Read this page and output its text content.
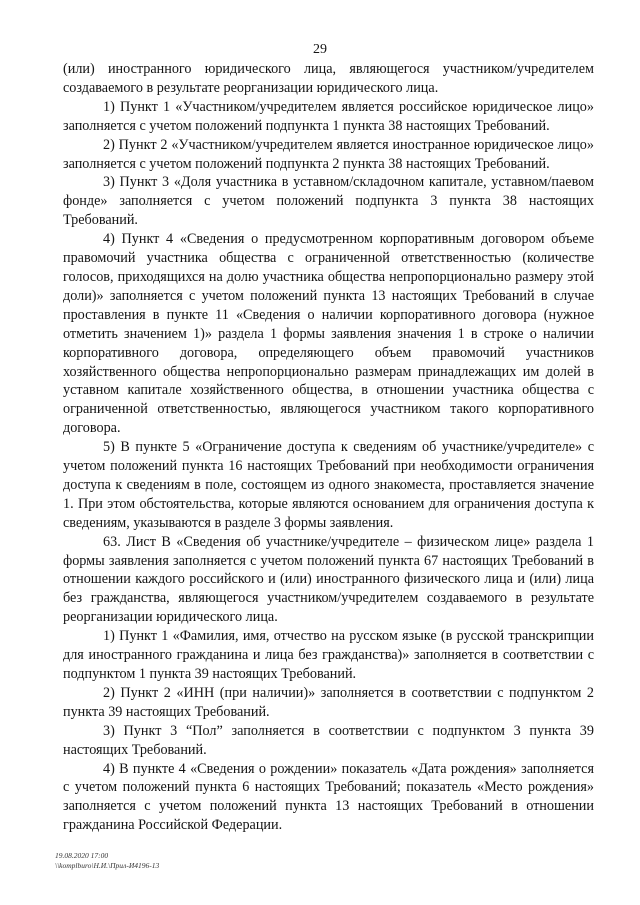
29

(или) иностранного юридического лица, являющегося участником/учредителем создаваемого в результате реорганизации юридического лица.

1) Пункт 1 «Участником/учредителем является российское юридическое лицо» заполняется с учетом положений подпункта 1 пункта 38 настоящих Требований.

2) Пункт 2 «Участником/учредителем является иностранное юридическое лицо» заполняется с учетом положений подпункта 2 пункта 38 настоящих Требований.

3) Пункт 3 «Доля участника в уставном/складочном капитале, уставном/паевом фонде» заполняется с учетом положений подпункта 3 пункта 38 настоящих Требований.

4) Пункт 4 «Сведения о предусмотренном корпоративным договором объеме правомочий участника общества с ограниченной ответственностью (количестве голосов, приходящихся на долю участника общества непропорционально размеру этой доли)» заполняется с учетом положений пункта 13 настоящих Требований в случае проставления в пункте 11 «Сведения о наличии корпоративного договора (нужное отметить значением 1)» раздела 1 формы заявления значения 1 в строке о наличии корпоративного договора, определяющего объем правомочий участников хозяйственного общества непропорционально размерам принадлежащих им долей в уставном капитале хозяйственного общества, в отношении участника общества с ограниченной ответственностью, являющегося участником такого корпоративного договора.

5) В пункте 5 «Ограничение доступа к сведениям об участнике/учредителе» с учетом положений пункта 16 настоящих Требований при необходимости ограничения доступа к сведениям в поле, состоящем из одного знакоместа, проставляется значение 1. При этом обстоятельства, которые являются основанием для ограничения доступа к сведениям, указываются в разделе 3 формы заявления.

63. Лист В «Сведения об участнике/учредителе – физическом лице» раздела 1 формы заявления заполняется с учетом положений пункта 67 настоящих Требований в отношении каждого российского и (или) иностранного физического лица и (или) лица без гражданства, являющегося участником/учредителем создаваемого в результате реорганизации юридического лица.

1) Пункт 1 «Фамилия, имя, отчество на русском языке (в русской транскрипции для иностранного гражданина и лица без гражданства)» заполняется в соответствии с подпунктом 1 пункта 39 настоящих Требований.

2) Пункт 2 «ИНН (при наличии)» заполняется в соответствии с подпунктом 2 пункта 39 настоящих Требований.

3) Пункт 3 “Пол” заполняется в соответствии с подпунктом 3 пункта 39 настоящих Требований.

4) В пункте 4 «Сведения о рождении» показатель «Дата рождения» заполняется с учетом положений пункта 6 настоящих Требований; показатель «Место рождения» заполняется с учетом положений пункта 13 настоящих Требований в отношении гражданина Российской Федерации.

19.08.2020 17:00
\\komplburo\Н.И.\Прил-И4196-13
